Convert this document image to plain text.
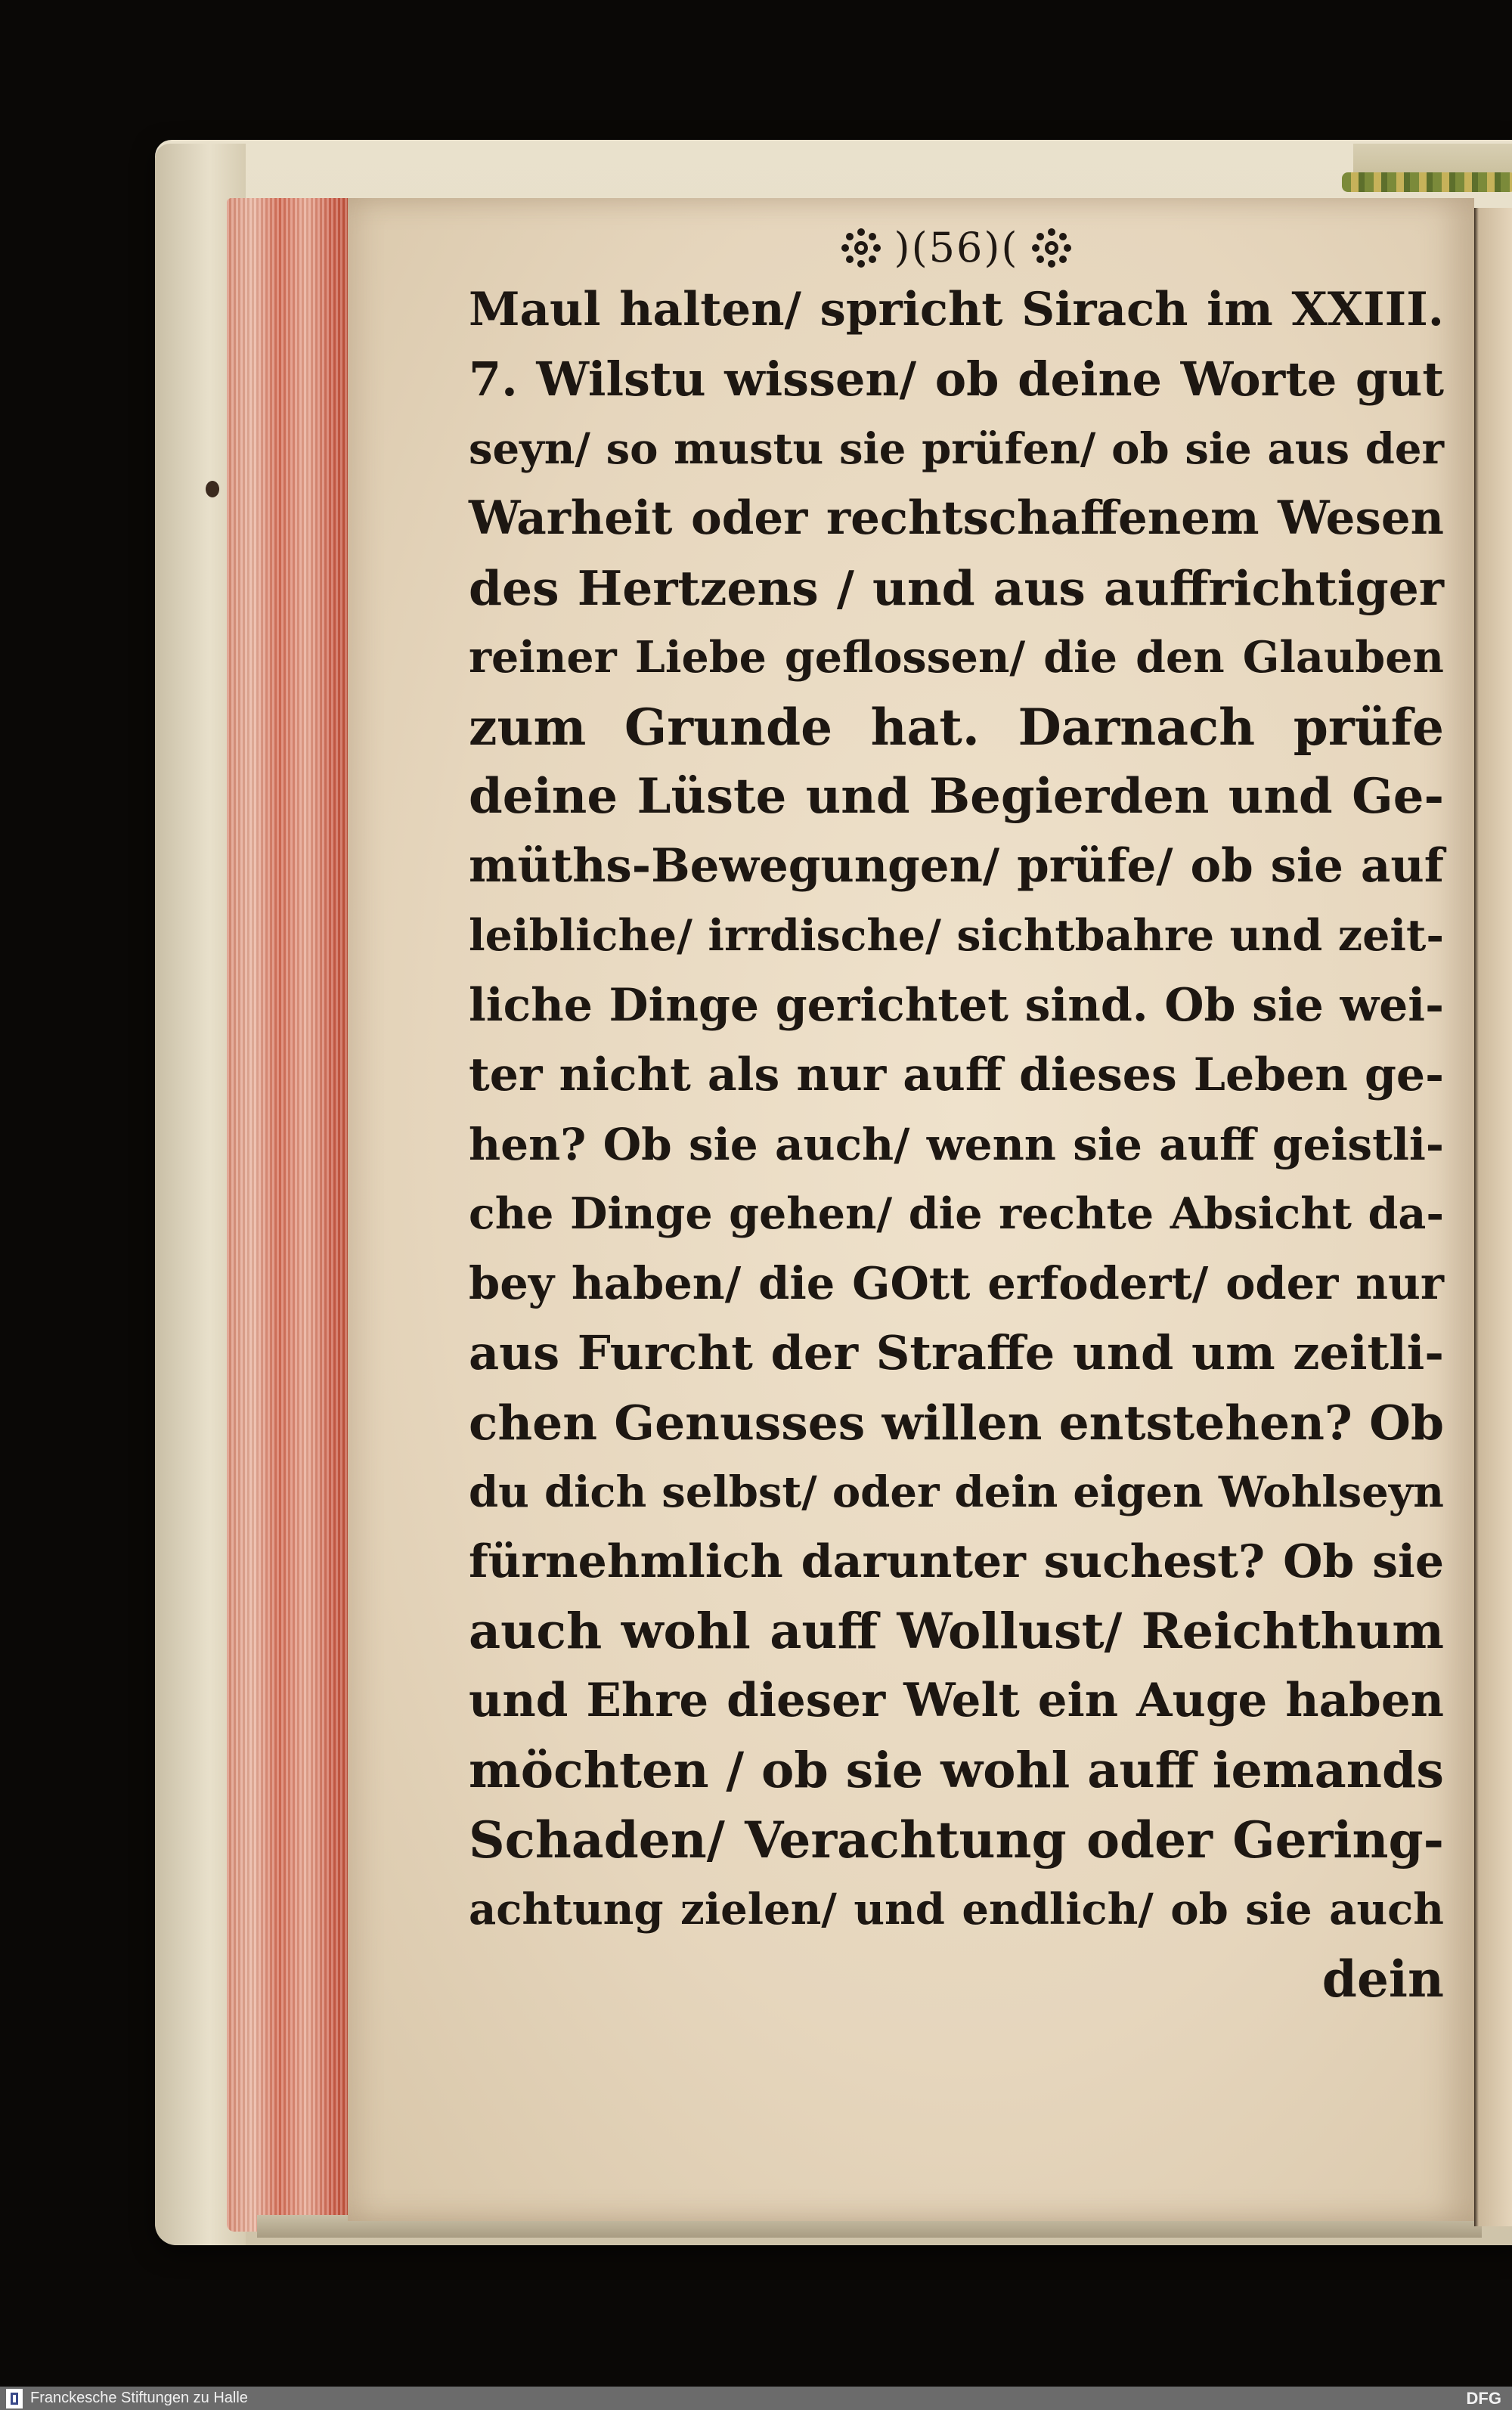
)(56)(
Maul halten/ spricht Sirach im XXIII.
7. Wilstu wissen/ ob deine Worte gut
seyn/ so mustu sie prüfen/ ob sie aus der
Warheit oder rechtschaffenem Wesen
des Hertzens / und aus auffrichtiger
reiner Liebe geflossen/ die den Glauben
zum Grunde hat. Darnach prüfe
deine Lüste und Begierden und Ge-
müths-Bewegungen/ prüfe/ ob sie auf
leibliche/ irrdische/ sichtbahre und zeit-
liche Dinge gerichtet sind. Ob sie wei-
ter nicht als nur auff dieses Leben ge-
hen? Ob sie auch/ wenn sie auff geistli-
che Dinge gehen/ die rechte Absicht da-
bey haben/ die GOtt erfodert/ oder nur
aus Furcht der Straffe und um zeitli-
chen Genusses willen entstehen? Ob
du dich selbst/ oder dein eigen Wohlseyn
fürnehmlich darunter suchest? Ob sie
auch wohl auff Wollust/ Reichthum
und Ehre dieser Welt ein Auge haben
möchten / ob sie wohl auff iemands
Schaden/ Verachtung oder Gering-
achtung zielen/ und endlich/ ob sie auch
dein
Franckesche Stiftungen zu Halle	DFG
